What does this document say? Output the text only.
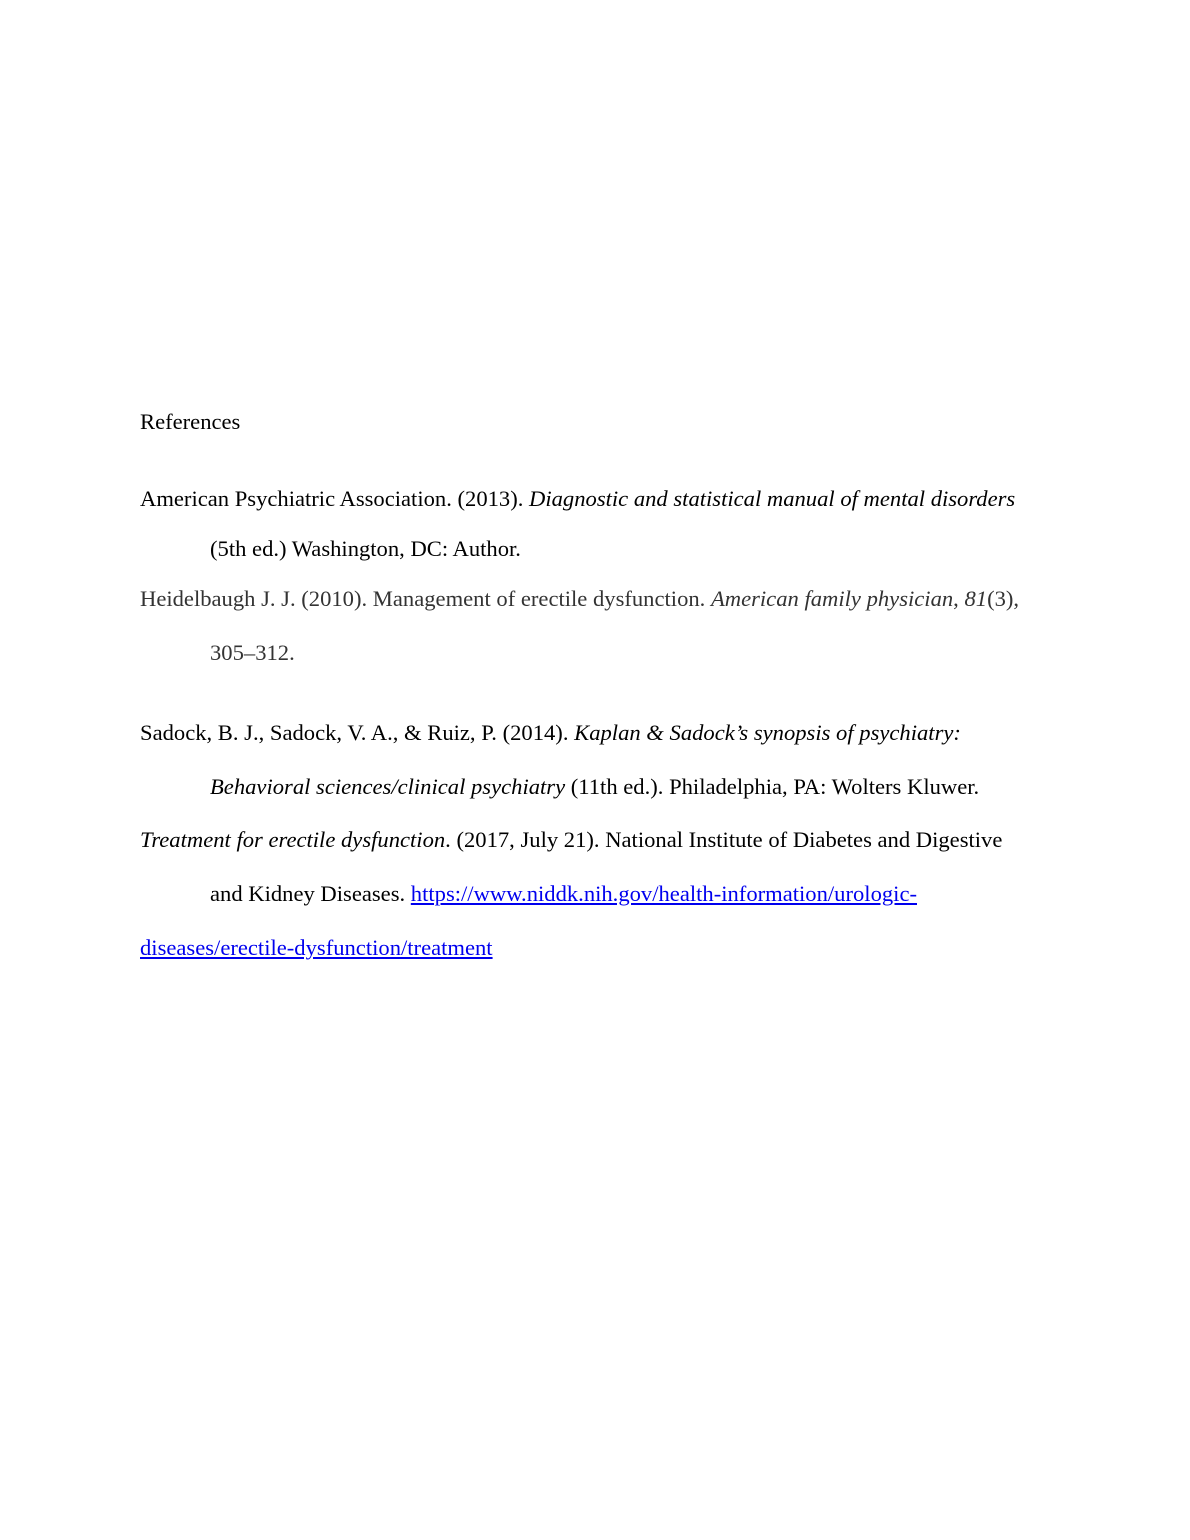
References
American Psychiatric Association. (2013). Diagnostic and statistical manual of mental disorders
(5th ed.) Washington, DC: Author.
Heidelbaugh J. J. (2010). Management of erectile dysfunction. American family physician, 81(3),
305–312.
Sadock, B. J., Sadock, V. A., & Ruiz, P. (2014). Kaplan & Sadock’s synopsis of psychiatry:
Behavioral sciences/clinical psychiatry (11th ed.). Philadelphia, PA: Wolters Kluwer.
Treatment for erectile dysfunction. (2017, July 21). National Institute of Diabetes and Digestive
and Kidney Diseases. https://www.niddk.nih.gov/health-information/urologic-
diseases/erectile-dysfunction/treatment
